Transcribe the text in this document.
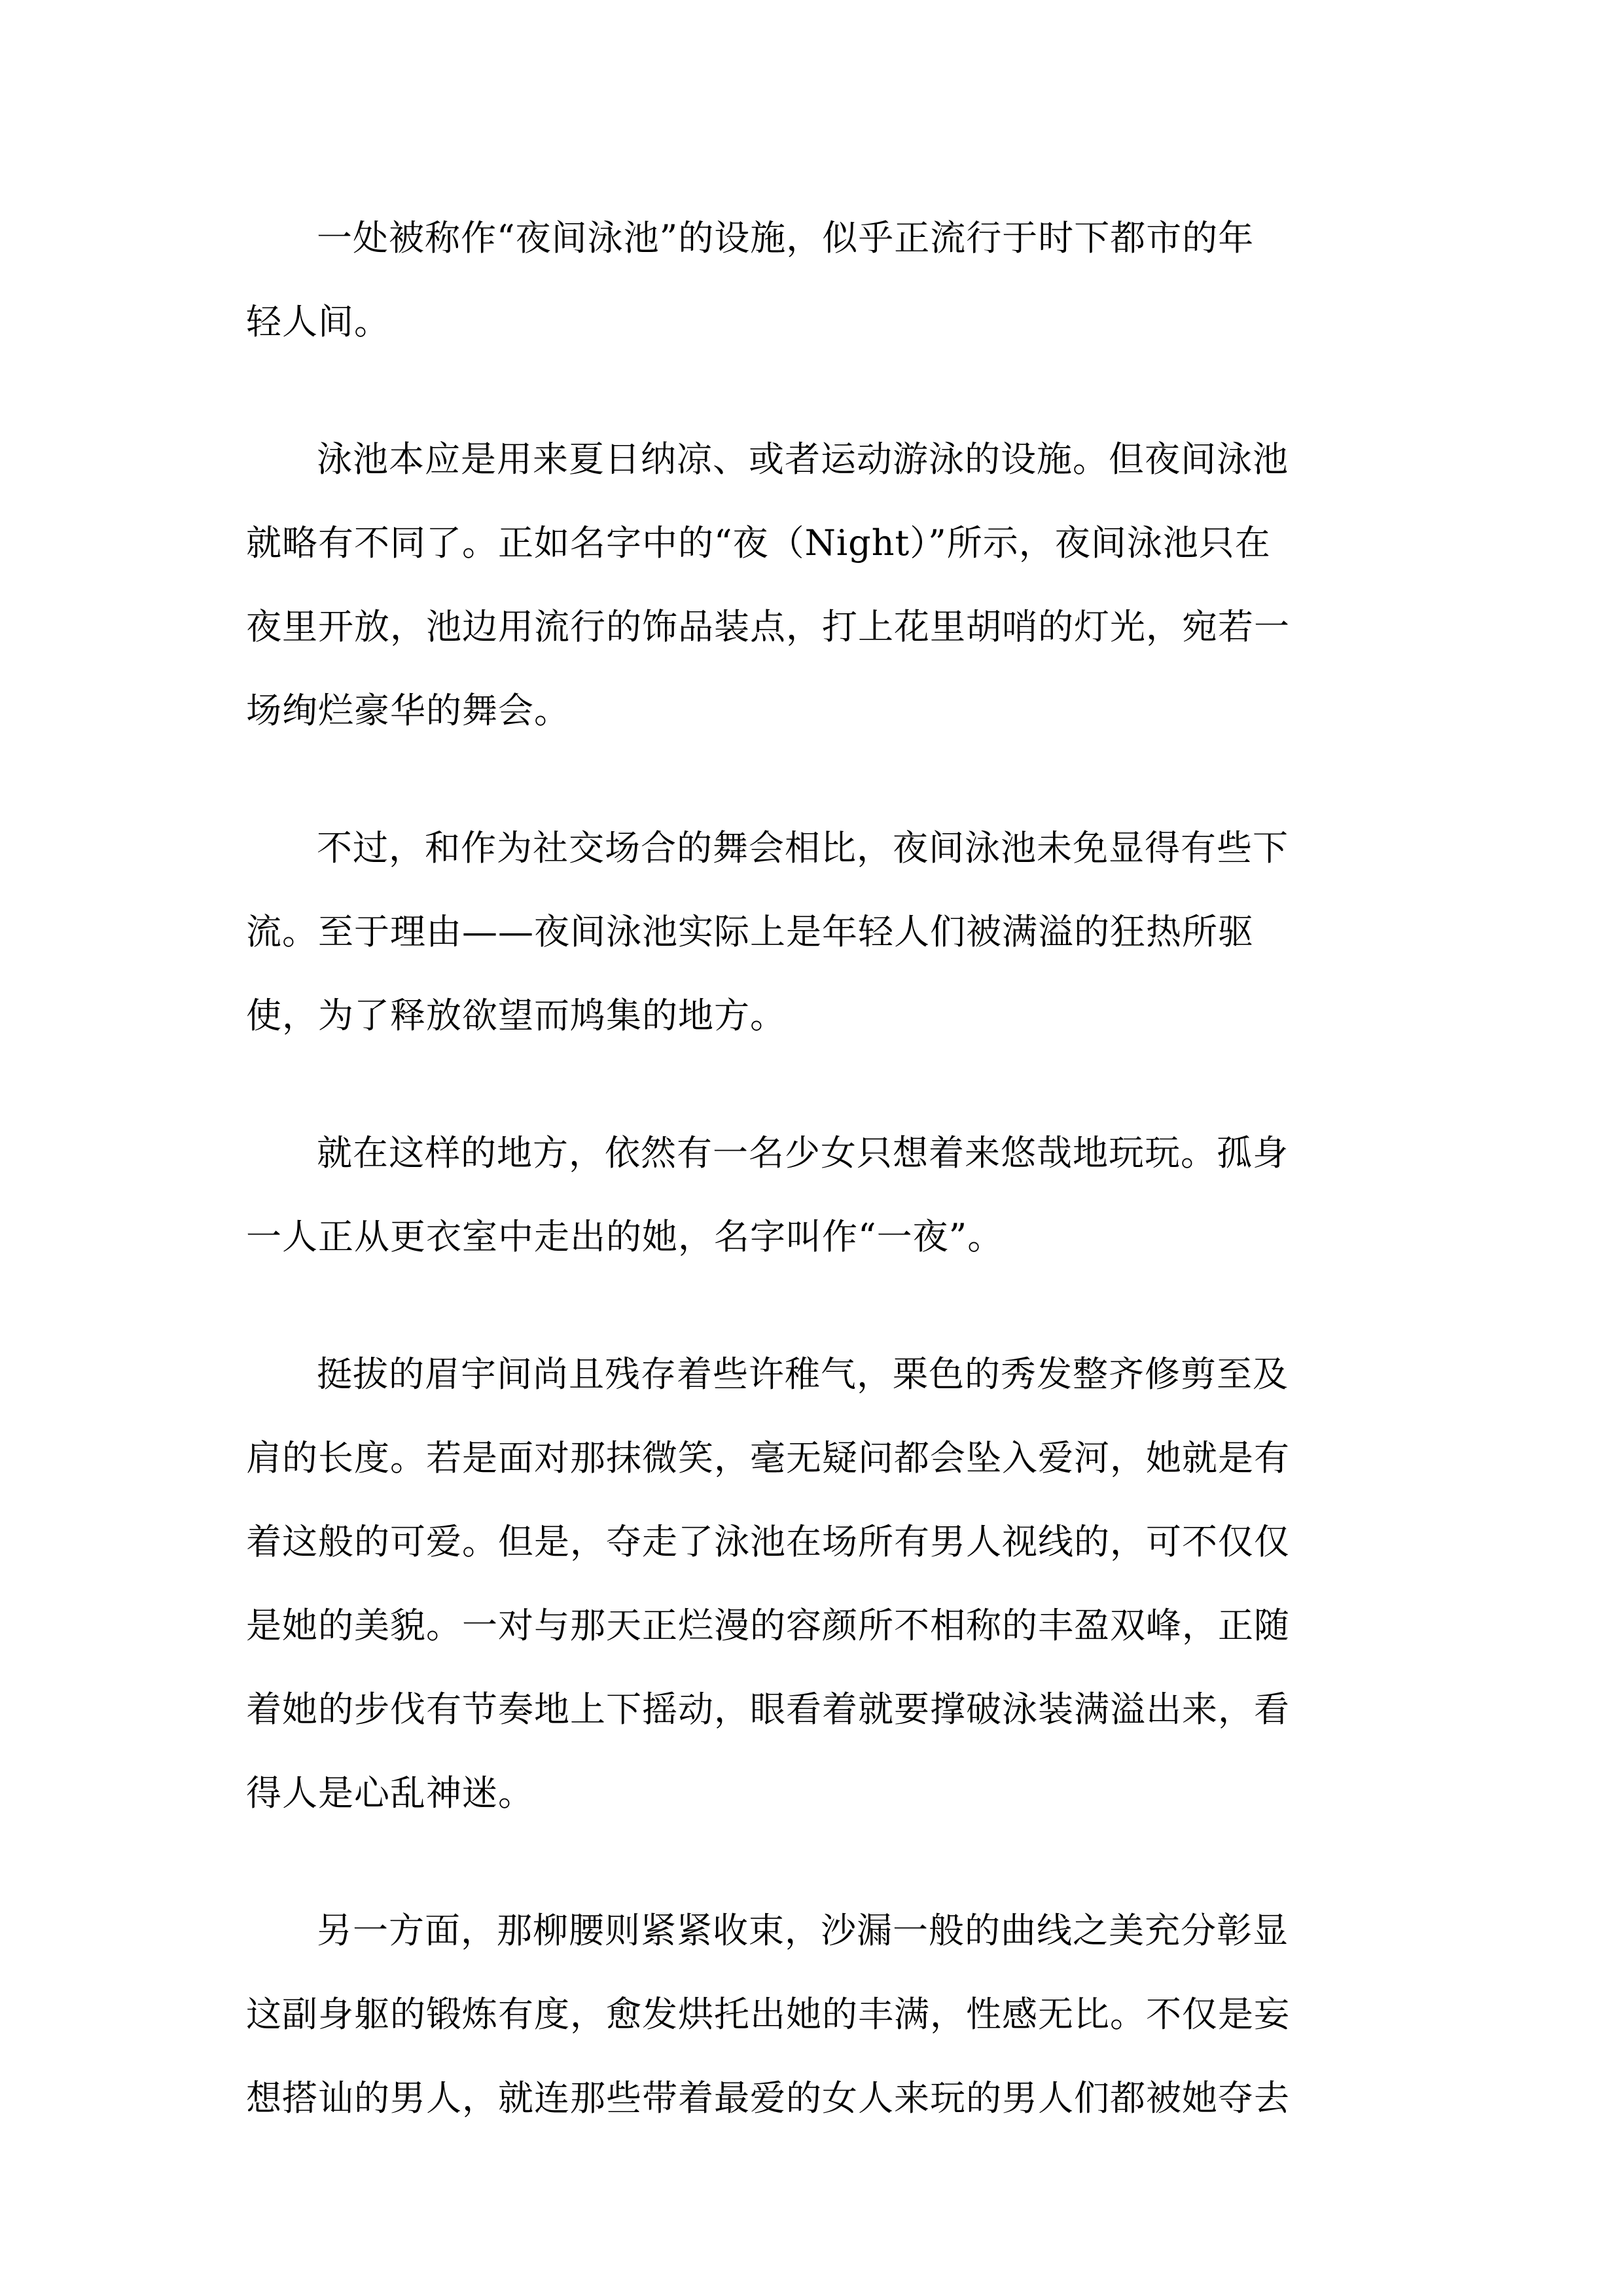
一处被称作“夜间泳池”的设施，似乎正流行于时下都市的年
轻人间。
泳池本应是用来夏日纳凉、或者运动游泳的设施。但夜间泳池
就略有不同了。正如名字中的“夜（Night）”所示，夜间泳池只在
夜里开放，池边用流行的饰品装点，打上花里胡哨的灯光，宛若一
场绚烂豪华的舞会。
不过，和作为社交场合的舞会相比，夜间泳池未免显得有些下
流。至于理由——夜间泳池实际上是年轻人们被满溢的狂热所驱
使，为了释放欲望而鸠集的地方。
就在这样的地方，依然有一名少女只想着来悠哉地玩玩。孤身
一人正从更衣室中走出的她，名字叫作“一夜”。
挺拔的眉宇间尚且残存着些许稚气，栗色的秀发整齐修剪至及
肩的长度。若是面对那抹微笑，毫无疑问都会坠入爱河，她就是有
着这般的可爱。但是，夺走了泳池在场所有男人视线的，可不仅仅
是她的美貌。一对与那天正烂漫的容颜所不相称的丰盈双峰，正随
着她的步伐有节奏地上下摇动，眼看着就要撑破泳装满溢出来，看
得人是心乱神迷。
另一方面，那柳腰则紧紧收束，沙漏一般的曲线之美充分彰显
这副身躯的锻炼有度，愈发烘托出她的丰满，性感无比。不仅是妄
想搭讪的男人，就连那些带着最爱的女人来玩的男人们都被她夺去
